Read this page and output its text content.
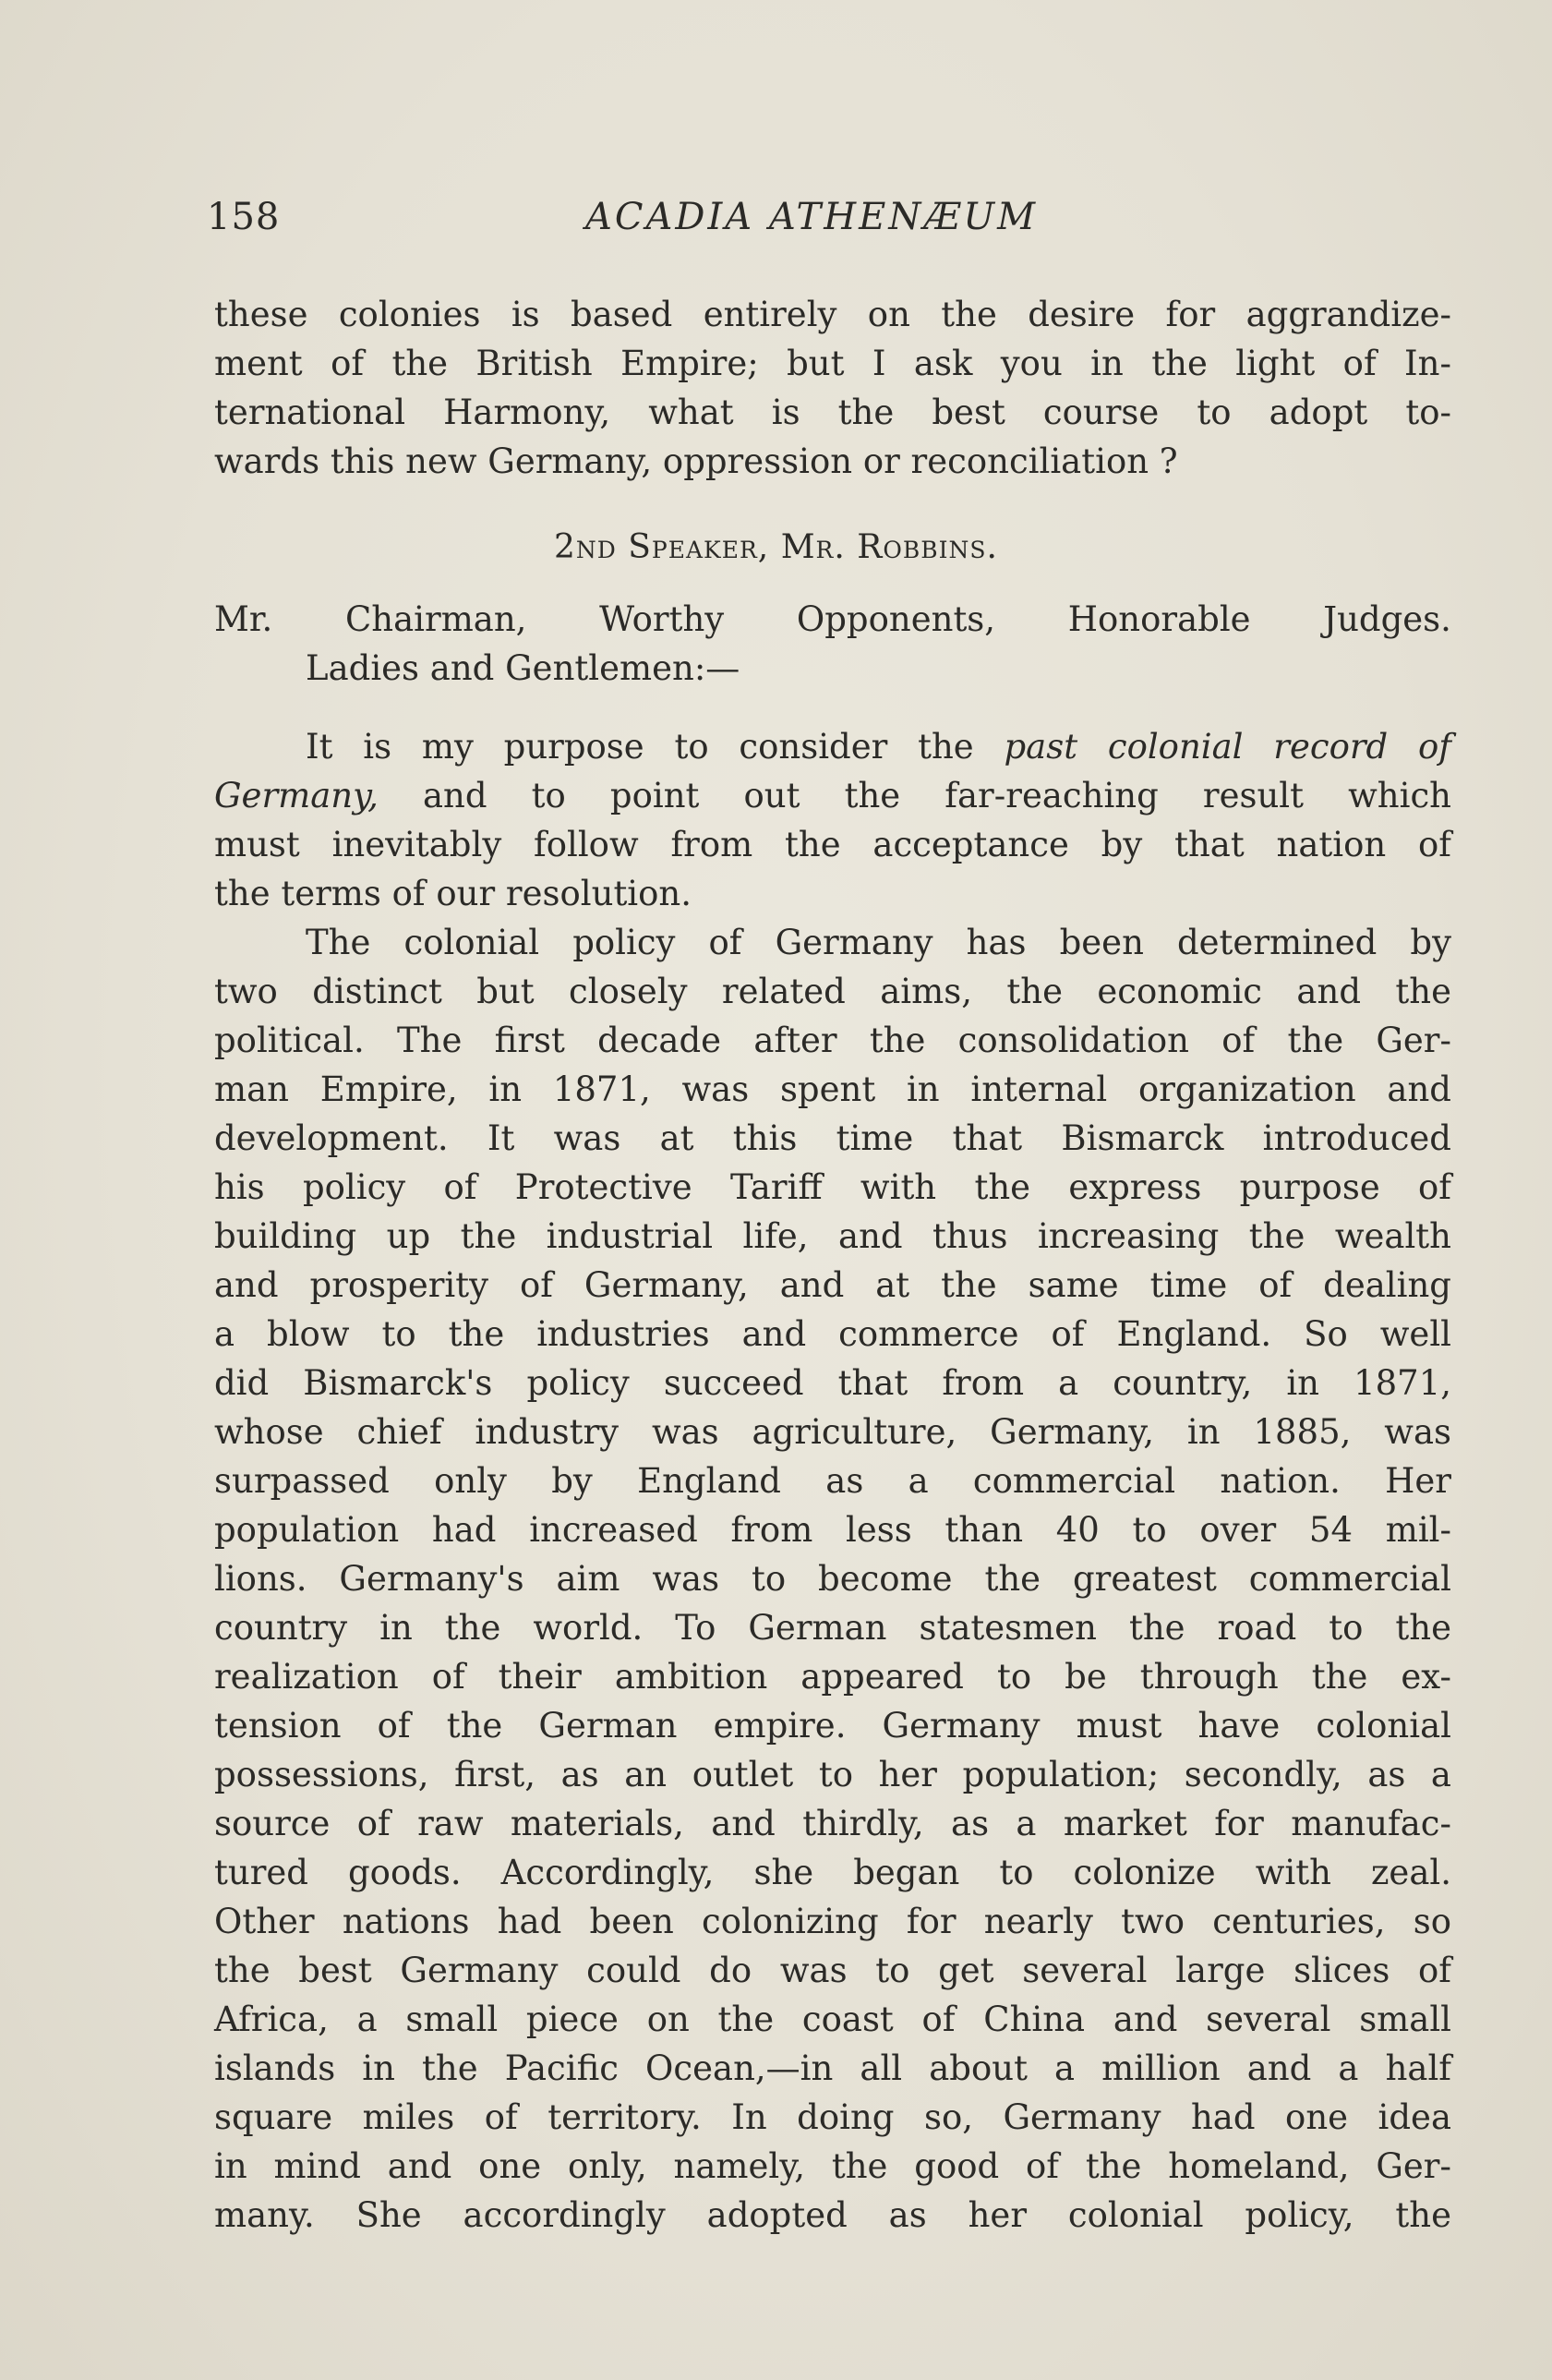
158	ACADIA ATHENÆUM
these colonies is based entirely on the desire for aggrandize-
ment of the British Empire; but I ask you in the light of In-
ternational Harmony, what is the best course to adopt to-
wards this new Germany, oppression or reconciliation ?
2nd Speaker, Mr. Robbins.
Mr. Chairman, Worthy Opponents, Honorable Judges.
Ladies and Gentlemen:—
It is my purpose to consider the past colonial record of
Germany, and to point out the far-reaching result which
must inevitably follow from the acceptance by that nation of
the terms of our resolution.
The colonial policy of Germany has been determined by
two distinct but closely related aims, the economic and the
political. The first decade after the consolidation of the Ger-
man Empire, in 1871, was spent in internal organization and
development. It was at this time that Bismarck introduced
his policy of Protective Tariff with the express purpose of
building up the industrial life, and thus increasing the wealth
and prosperity of Germany, and at the same time of dealing
a blow to the industries and commerce of England. So well
did Bismarck's policy succeed that from a country, in 1871,
whose chief industry was agriculture, Germany, in 1885, was
surpassed only by England as a commercial nation. Her
population had increased from less than 40 to over 54 mil-
lions. Germany's aim was to become the greatest commercial
country in the world. To German statesmen the road to the
realization of their ambition appeared to be through the ex-
tension of the German empire. Germany must have colonial
possessions, first, as an outlet to her population; secondly, as a
source of raw materials, and thirdly, as a market for manufac-
tured goods. Accordingly, she began to colonize with zeal.
Other nations had been colonizing for nearly two centuries, so
the best Germany could do was to get several large slices of
Africa, a small piece on the coast of China and several small
islands in the Pacific Ocean,—in all about a million and a half
square miles of territory. In doing so, Germany had one idea
in mind and one only, namely, the good of the homeland, Ger-
many. She accordingly adopted as her colonial policy, the
